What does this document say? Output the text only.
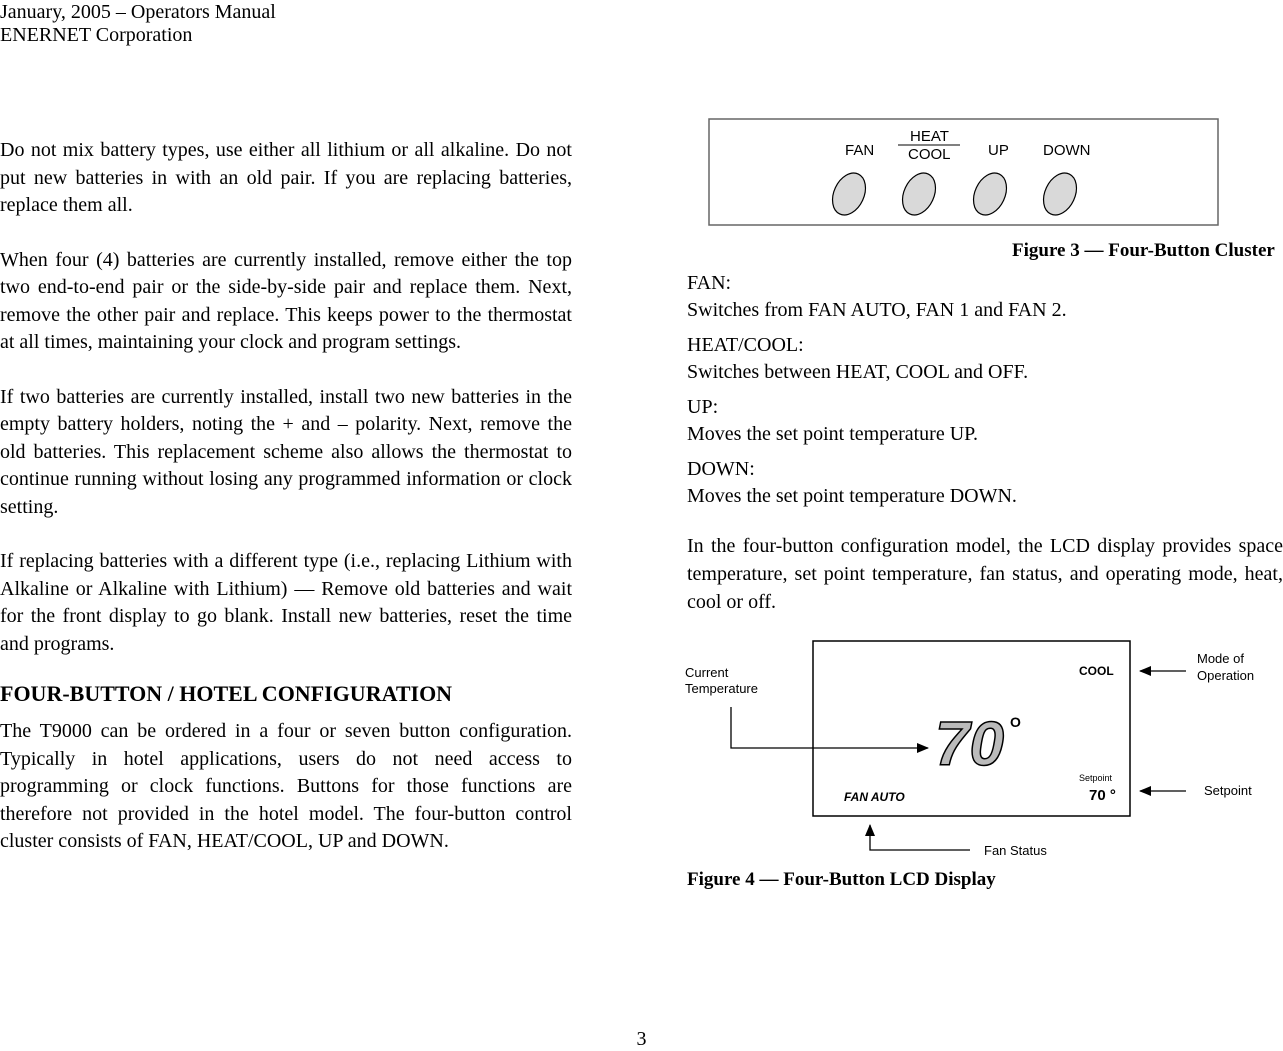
January, 2005 – Operators Manual
ENERNET Corporation

Do not mix battery types, use either all lithium or all alkaline. Do not put new batteries in with an old pair. If you are replacing batteries, replace them all.

When four (4) batteries are currently installed, remove either the top two end-to-end pair or the side-by-side pair and replace them. Next, remove the other pair and replace. This keeps power to the thermostat at all times, maintaining your clock and program settings.

If two batteries are currently installed, install two new batteries in the empty battery holders, noting the + and – polarity. Next, remove the old batteries. This replacement scheme also allows the thermostat to continue running without losing any programmed information or clock setting.

If replacing batteries with a different type (i.e., replacing Lithium with Alkaline or Alkaline with Lithium) — Remove old batteries and wait for the front display to go blank. Install new batteries, reset the time and programs.

FOUR-BUTTON / HOTEL CONFIGURATION

The T9000 can be ordered in a four or seven button configuration. Typically in hotel applications, users do not need access to programming or clock functions. Buttons for those functions are therefore not provided in the hotel model. The four-button control cluster consists of FAN, HEAT/COOL, UP and DOWN.

FAN
HEAT
COOL UP DOWN
Figure 3 — Four-Button Cluster

FAN:

Switches from FAN AUTO, FAN 1 and FAN 2.

HEAT/COOL:

Switches between HEAT, COOL and OFF.

UP:

Moves the set point temperature UP.

DOWN:

Moves the set point temperature DOWN.

In the four-button configuration model, the LCD display provides space temperature, set point temperature, fan status, and operating mode, heat, cool or off.
COOL
70 O
Setpoint
70 °
FAN AUTO
Current
Temperature
Mode of
Operation
Setpoint
Fan Status
Figure 4 — Four-Button LCD Display
3
